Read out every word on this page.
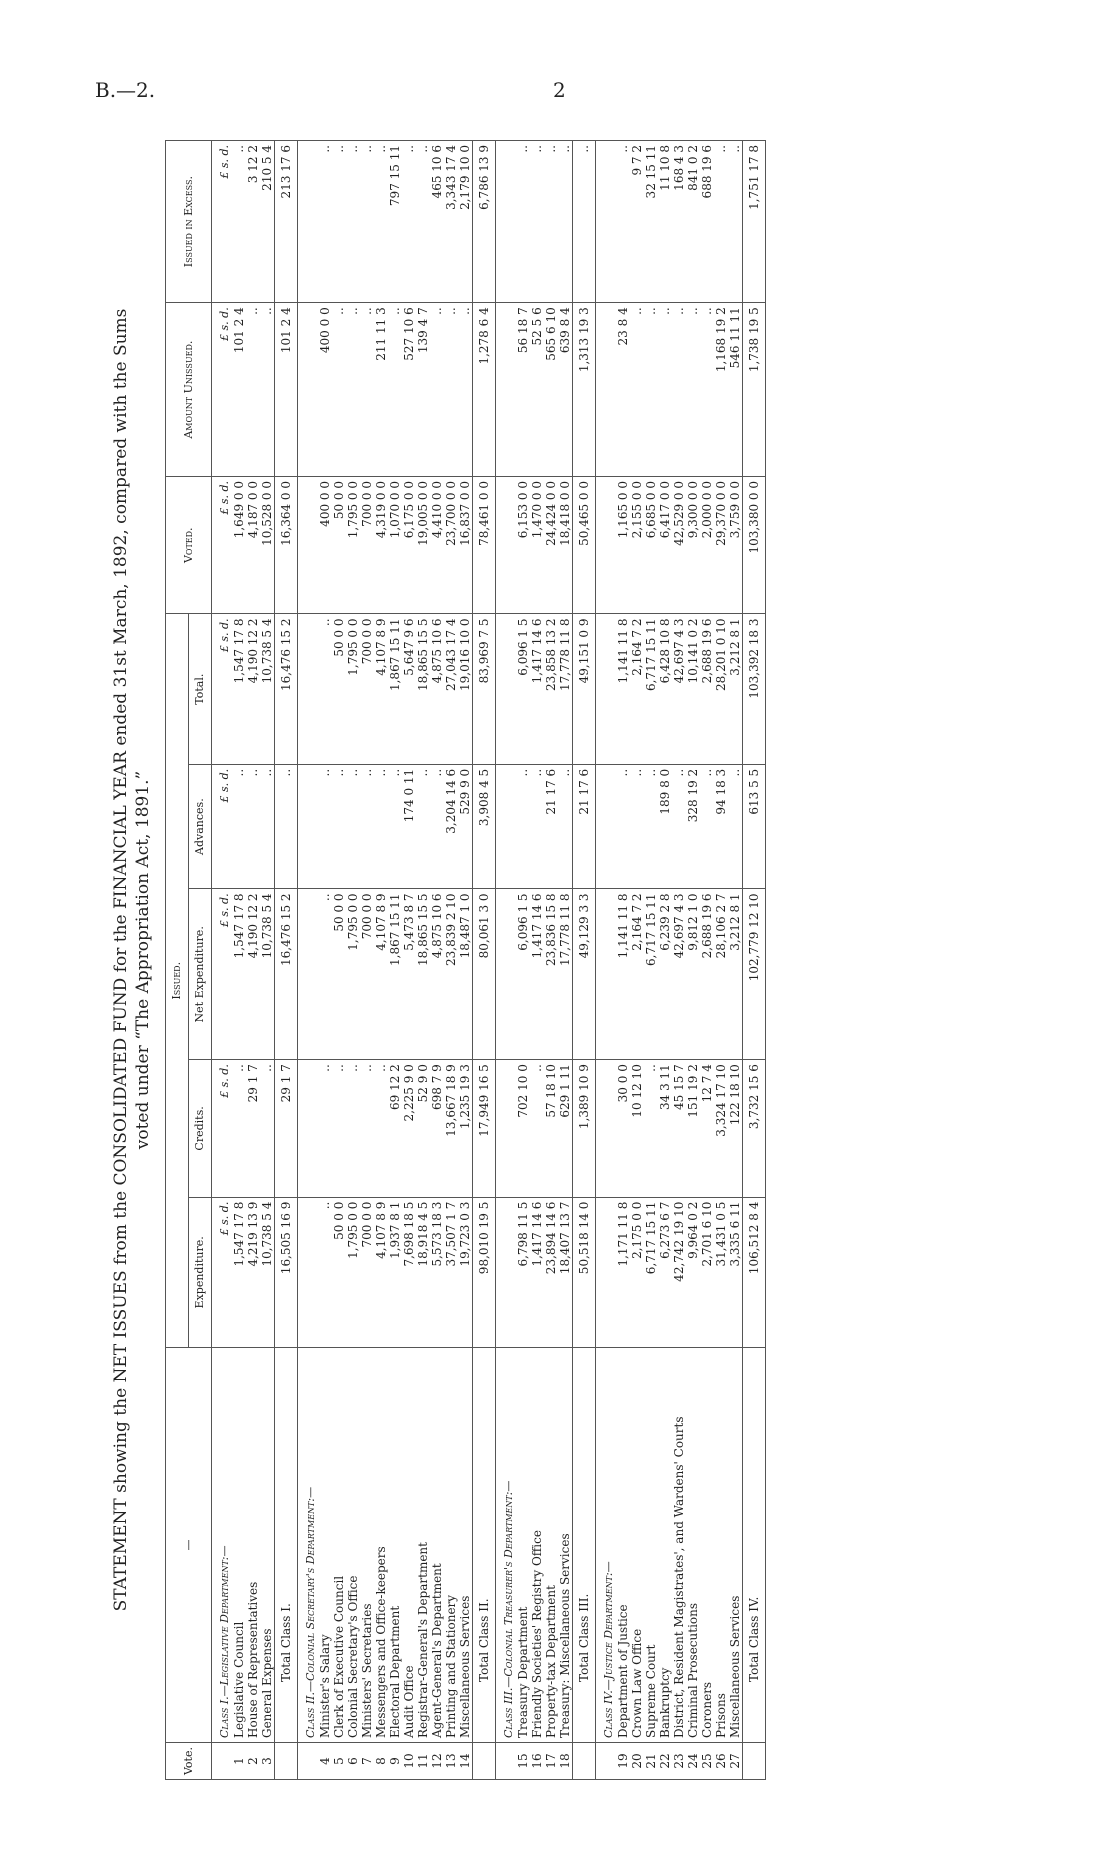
B.—2.	2
STATEMENT showing the NET ISSUES from the CONSOLIDATED FUND for the FINANCIAL YEAR ended 31st March, 1892, compared with the Sums voted under “The Appropriation Act, 1891.”
Vote.	—	Issued.					Voted.	Amount Unissued.	Issued in Excess.
		Expenditure.	Credits.	Net Expenditure.	Advances.	Total.			
	Class I.—Legislative Department:—	£ s. d.	£ s. d.	£ s. d.	£ s. d.	£ s. d.	£ s. d.	£ s. d.	£ s. d.
1	Legislative Council	1,547 17 8	..	1,547 17 8	..	1,547 17 8	1,649 0 0	101 2 4	..
2	House of Representatives	4,219 13 9	29 1 7	4,190 12 2	..	4,190 12 2	4,187 0 0	..	3 12 2
3	General Expenses	10,738 5 4	..	10,738 5 4	..	10,738 5 4	10,528 0 0	..	210 5 4
	Total Class I.	16,505 16 9	29 1 7	16,476 15 2	..	16,476 15 2	16,364 0 0	101 2 4	213 17 6
	Class II.—Colonial Secretary's Department:—								
4	Minister's Salary	..	..	..	..	..	400 0 0	400 0 0	..
5	Clerk of Executive Council	50 0 0	..	50 0 0	..	50 0 0	50 0 0	..	..
6	Colonial Secretary's Office	1,795 0 0	..	1,795 0 0	..	1,795 0 0	1,795 0 0	..	..
7	Ministers' Secretaries	700 0 0	..	700 0 0	..	700 0 0	700 0 0	..	..
8	Messengers and Office-keepers	4,107 8 9	..	4,107 8 9	..	4,107 8 9	4,319 0 0	211 11 3	..
9	Electoral Department	1,937 8 1	69 12 2	1,867 15 11	..	1,867 15 11	1,070 0 0	..	797 15 11
10	Audit Office	7,698 18 5	2,225 9 0	5,473 8 7	174 0 11	5,647 9 6	6,175 0 0	527 10 6	..
11	Registrar-General's Department	18,918 4 5	52 9 0	18,865 15 5	..	18,865 15 5	19,005 0 0	139 4 7	..
12	Agent-General's Department	5,573 18 3	698 7 9	4,875 10 6	..	4,875 10 6	4,410 0 0	..	465 10 6
13	Printing and Stationery	37,507 1 7	13,667 18 9	23,839 2 10	3,204 14 6	27,043 17 4	23,700 0 0	..	3,343 17 4
14	Miscellaneous Services	19,723 0 3	1,235 19 3	18,487 1 0	529 9 0	19,016 10 0	16,837 0 0	..	2,179 10 0
	Total Class II.	98,010 19 5	17,949 16 5	80,061 3 0	3,908 4 5	83,969 7 5	78,461 0 0	1,278 6 4	6,786 13 9
	Class III.—Colonial Treasurer's Department:—								
15	Treasury Department	6,798 11 5	702 10 0	6,096 1 5	..	6,096 1 5	6,153 0 0	56 18 7	..
16	Friendly Societies' Registry Office	1,417 14 6	..	1,417 14 6	..	1,417 14 6	1,470 0 0	52 5 6	..
17	Property-tax Department	23,894 14 6	57 18 10	23,836 15 8	21 17 6	23,858 13 2	24,424 0 0	565 6 10	..
18	Treasury: Miscellaneous Services	18,407 13 7	629 1 11	17,778 11 8	..	17,778 11 8	18,418 0 0	639 8 4	..
	Total Class III.	50,518 14 0	1,389 10 9	49,129 3 3	21 17 6	49,151 0 9	50,465 0 0	1,313 19 3	..
	Class IV.—Justice Department:—								
19	Department of Justice	1,171 11 8	30 0 0	1,141 11 8	..	1,141 11 8	1,165 0 0	23 8 4	..
20	Crown Law Office	2,175 0 0	10 12 10	2,164 7 2	..	2,164 7 2	2,155 0 0	..	9 7 2
21	Supreme Court	6,717 15 11	..	6,717 15 11	..	6,717 15 11	6,685 0 0	..	32 15 11
22	Bankruptcy	6,273 6 7	34 3 11	6,239 2 8	189 8 0	6,428 10 8	6,417 0 0	..	11 10 8
23	District, Resident Magistrates', and Wardens' Courts	42,742 19 10	45 15 7	42,697 4 3	..	42,697 4 3	42,529 0 0	..	168 4 3
24	Criminal Prosecutions	9,964 0 2	151 19 2	9,812 1 0	328 19 2	10,141 0 2	9,300 0 0	..	841 0 2
25	Coroners	2,701 6 10	12 7 4	2,688 19 6	..	2,688 19 6	2,000 0 0	..	688 19 6
26	Prisons	31,431 0 5	3,324 17 10	28,106 2 7	94 18 3	28,201 0 10	29,370 0 0	1,168 19 2	..
27	Miscellaneous Services	3,335 6 11	122 18 10	3,212 8 1	..	3,212 8 1	3,759 0 0	546 11 11	..
	Total Class IV.	106,512 8 4	3,732 15 6	102,779 12 10	613 5 5	103,392 18 3	103,380 0 0	1,738 19 5	1,751 17 8
